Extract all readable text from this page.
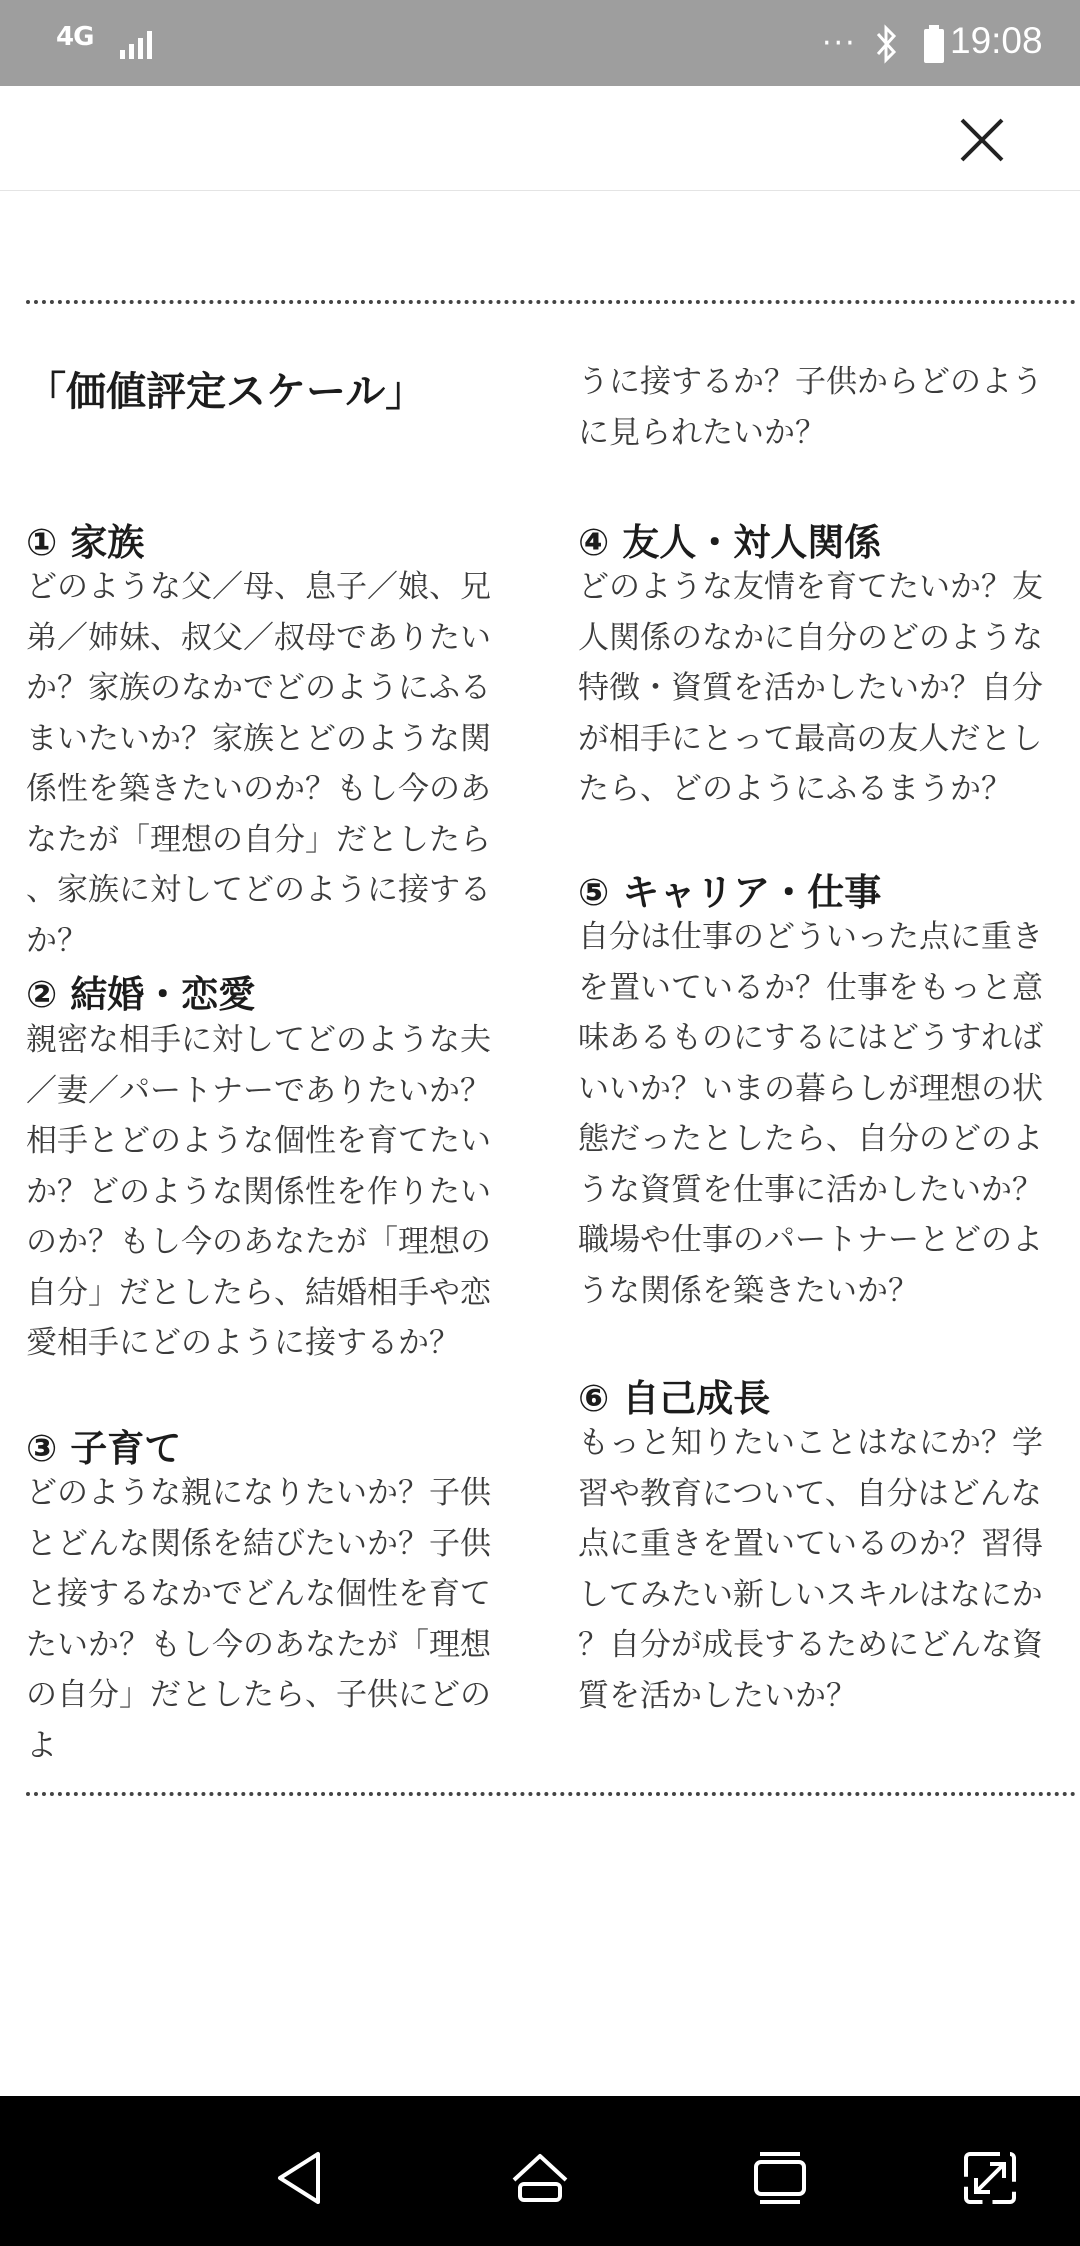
4G	···	19:08
「価値評定スケール」
① 家族

どのような父／母、息子／娘、兄弟／姉妹、叔父／叔母でありたいか？家族のなかでどのようにふるまいたいか？家族とどのような関係性を築きたいのか？もし今のあなたが「理想の自分」だとしたら、家族に対してどのように接するか？

② 結婚・恋愛

親密な相手に対してどのような夫／妻／パートナーでありたいか？相手とどのような個性を育てたいか？どのような関係性を作りたいのか？もし今のあなたが「理想の自分」だとしたら、結婚相手や恋愛相手にどのように接するか？

③ 子育て

どのような親になりたいか？子供とどんな関係を結びたいか？子供と接するなかでどんな個性を育てたいか？もし今のあなたが「理想の自分」だとしたら、子供にどのよ

うに接するか？子供からどのように見られたいか？

④ 友人・対人関係

どのような友情を育てたいか？友人関係のなかに自分のどのような特徴・資質を活かしたいか？自分が相手にとって最高の友人だとしたら、どのようにふるまうか？

⑤ キャリア・仕事

自分は仕事のどういった点に重きを置いているか？仕事をもっと意味あるものにするにはどうすればいいか？いまの暮らしが理想の状態だったとしたら、自分のどのような資質を仕事に活かしたいか？職場や仕事のパートナーとどのような関係を築きたいか？

⑥ 自己成長

もっと知りたいことはなにか？学習や教育について、自分はどんな点に重きを置いているのか？習得してみたい新しいスキルはなにか？自分が成長するためにどんな資質を活かしたいか？
